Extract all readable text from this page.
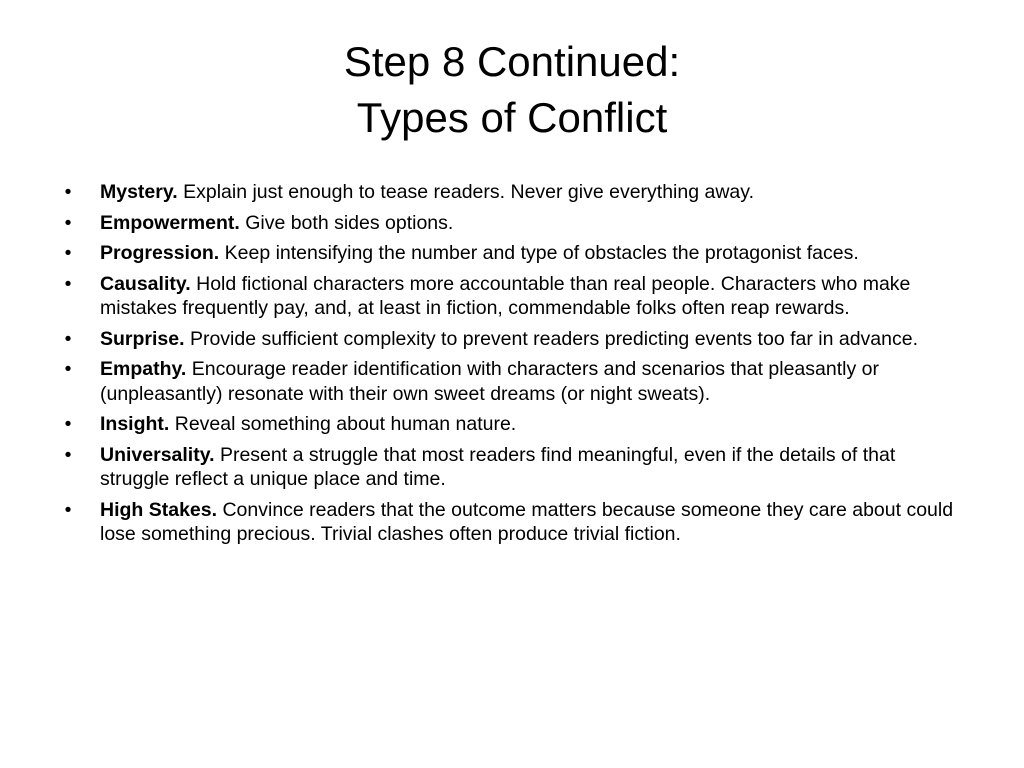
Step 8 Continued:
Types of Conflict
•	Mystery. Explain just enough to tease readers. Never give everything away.
•	Empowerment. Give both sides options.
•	Progression. Keep intensifying the number and type of obstacles the protagonist faces.
•	Causality. Hold fictional characters more accountable than real people. Characters who make mistakes frequently pay, and, at least in fiction, commendable folks often reap rewards.
•	Surprise. Provide sufficient complexity to prevent readers predicting events too far in advance.
•	Empathy. Encourage reader identification with characters and scenarios that pleasantly or (unpleasantly) resonate with their own sweet dreams (or night sweats).
•	Insight. Reveal something about human nature.
•	Universality. Present a struggle that most readers find meaningful, even if the details of that struggle reflect a unique place and time.
•	High Stakes. Convince readers that the outcome matters because someone they care about could lose something precious. Trivial clashes often produce trivial fiction.
